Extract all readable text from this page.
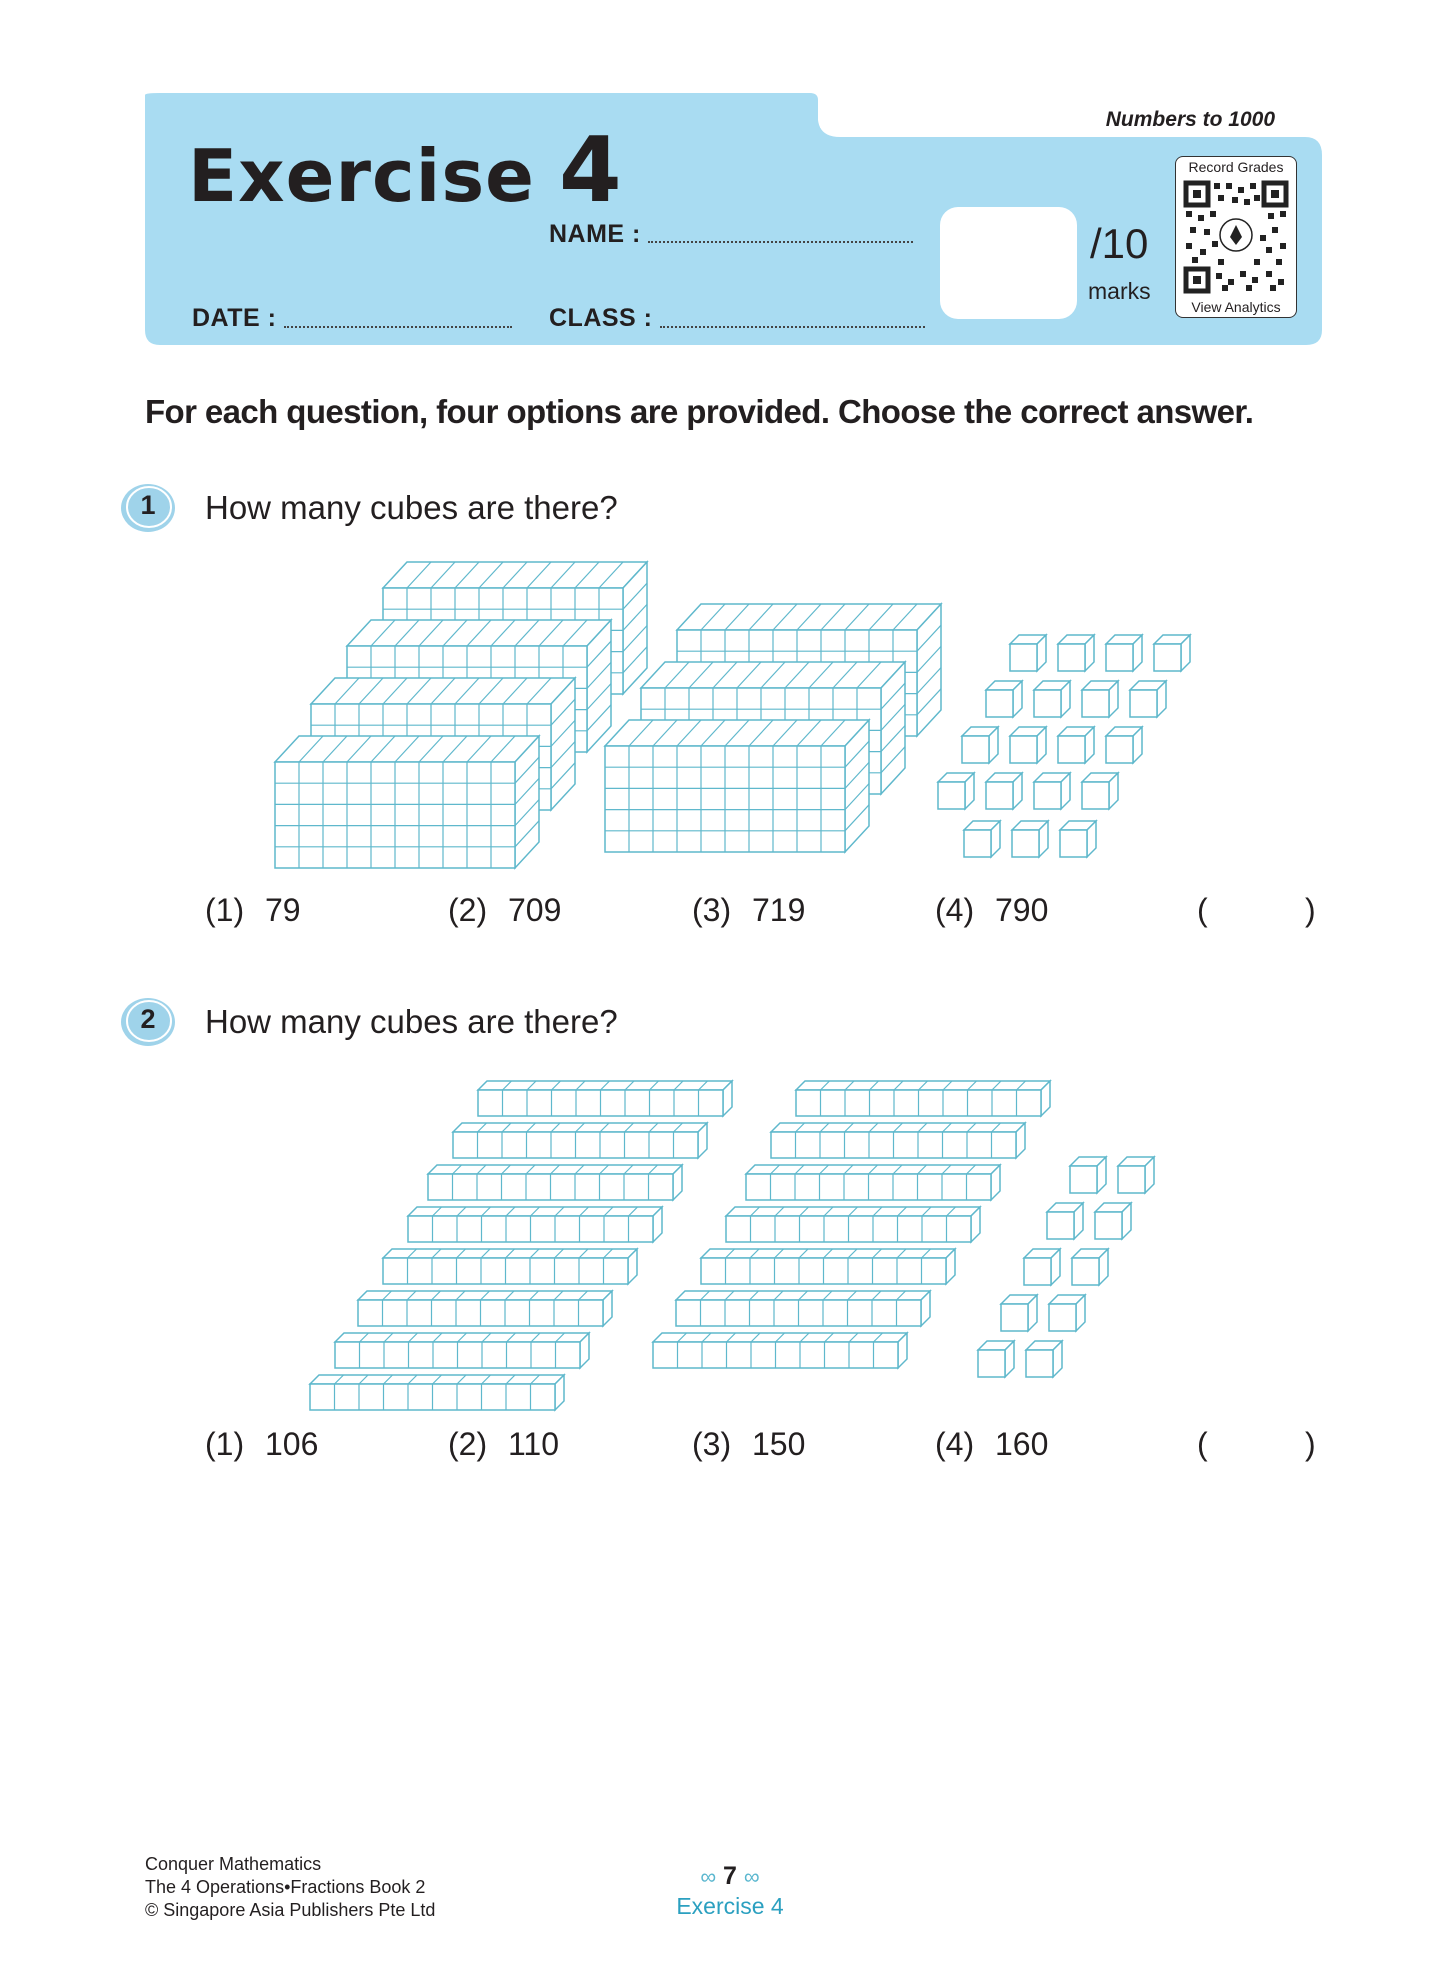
Exercise 4	Numbers to 1000
NAME :
DATE :	CLASS :
/10
marks
Record Grades
View Analytics
For each question, four options are provided. Choose the correct answer.
1	How many cubes are there?
(1) 79	(2) 709	(3) 719	(4) 790	(	)
2	How many cubes are there?
(1) 106	(2) 110	(3) 150	(4) 160	(	)
Conquer Mathematics
The 4 Operations•Fractions Book 2
© Singapore Asia Publishers Pte Ltd
∞ 7 ∞
Exercise 4
